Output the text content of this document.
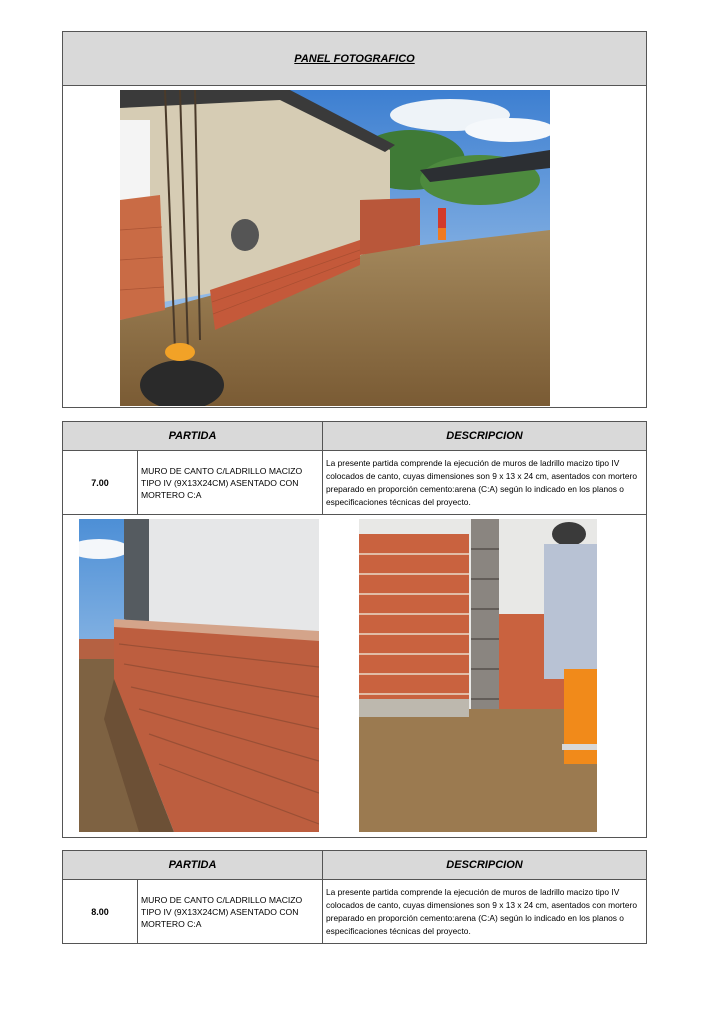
PANEL FOTOGRAFICO
PARTIDA		DESCRIPCION
7.00	MURO DE CANTO C/LADRILLO MACIZO TIPO IV (9X13X24CM) ASENTADO CON MORTERO C:A	La presente partida comprende la ejecución de muros de ladrillo macizo tipo IV colocados de canto, cuyas dimensiones son 9 x 13 x 24 cm, asentados con mortero preparado en proporción cemento:arena (C:A) según lo indicado en los planos o especificaciones técnicas del proyecto.
PARTIDA		DESCRIPCION
8.00	MURO DE CANTO C/LADRILLO MACIZO TIPO IV (9X13X24CM) ASENTADO CON MORTERO C:A	La presente partida comprende la ejecución de muros de ladrillo macizo tipo IV colocados de canto, cuyas dimensiones son 9 x 13 x 24 cm, asentados con mortero preparado en proporción cemento:arena (C:A) según lo indicado en los planos o especificaciones técnicas del proyecto.
